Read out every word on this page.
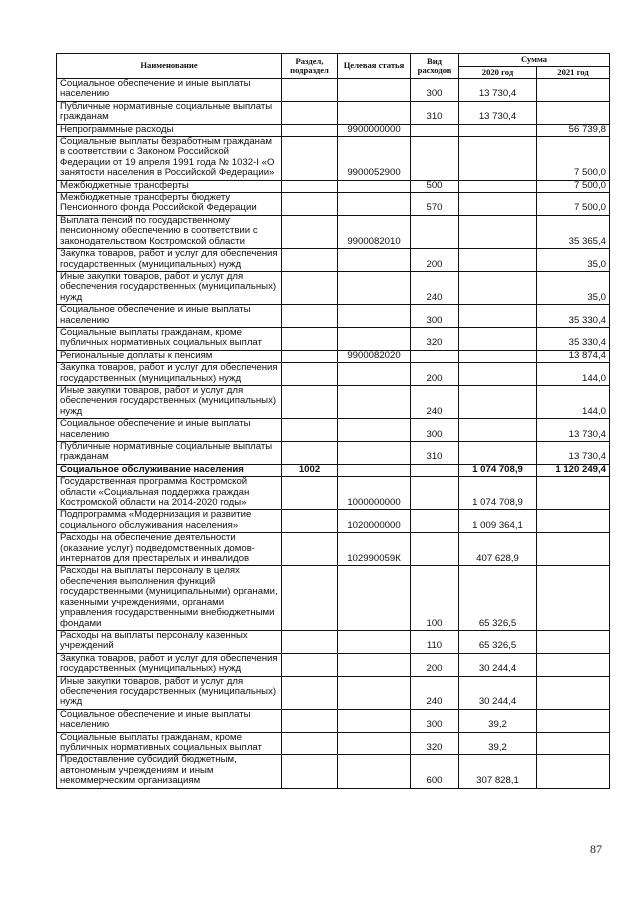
Наименование	Раздел, подраздел	Целевая статья	Вид расходов	Сумма	
				2020 год	2021 год
Социальное обеспечение и иные выплаты населению			300	13 730,4	
Публичные нормативные социальные выплаты гражданам			310	13 730,4	
Непрограммные расходы		9900000000			56 739,8
Социальные выплаты безработным гражданам в соответствии с Законом Российской Федерации от 19 апреля 1991 года № 1032-I «О занятости населения в Российской Федерации»		9900052900			7 500,0
Межбюджетные трансферты			500		7 500,0
Межбюджетные трансферты бюджету Пенсионного фонда Российской Федерации			570		7 500,0
Выплата пенсий по государственному пенсионному обеспечению в соответствии с законодательством Костромской области		9900082010			35 365,4
Закупка товаров, работ и услуг для обеспечения государственных (муниципальных) нужд			200		35,0
Иные закупки товаров, работ и услуг для обеспечения государственных (муниципальных) нужд			240		35,0
Социальное обеспечение и иные выплаты населению			300		35 330,4
Социальные выплаты гражданам, кроме публичных нормативных социальных выплат			320		35 330,4
Региональные доплаты к пенсиям		9900082020			13 874,4
Закупка товаров, работ и услуг для обеспечения государственных (муниципальных) нужд			200		144,0
Иные закупки товаров, работ и услуг для обеспечения государственных (муниципальных) нужд			240		144,0
Социальное обеспечение и иные выплаты населению			300		13 730,4
Публичные нормативные социальные выплаты гражданам			310		13 730,4
Социальное обслуживание населения	1002			1 074 708,9	1 120 249,4
Государственная программа Костромской области «Социальная поддержка граждан Костромской области на 2014-2020 годы»		1000000000		1 074 708,9	
Подпрограмма «Модернизация и развитие социального обслуживания населения»		1020000000		1 009 364,1	
Расходы на обеспечение деятельности (оказание услуг) подведомственных домов-интернатов для престарелых и инвалидов		102990059К		407 628,9	
Расходы на выплаты персоналу в целях обеспечения выполнения функций государственными (муниципальными) органами, казенными учреждениями, органами управления государственными внебюджетными фондами			100	65 326,5	
Расходы на выплаты персоналу казенных учреждений			110	65 326,5	
Закупка товаров, работ и услуг для обеспечения государственных (муниципальных) нужд			200	30 244,4	
Иные закупки товаров, работ и услуг для обеспечения государственных (муниципальных) нужд			240	30 244,4	
Социальное обеспечение и иные выплаты населению			300	39,2	
Социальные выплаты гражданам, кроме публичных нормативных социальных выплат			320	39,2	
Предоставление субсидий бюджетным, автономным учреждениям и иным некоммерческим организациям			600	307 828,1	
87
